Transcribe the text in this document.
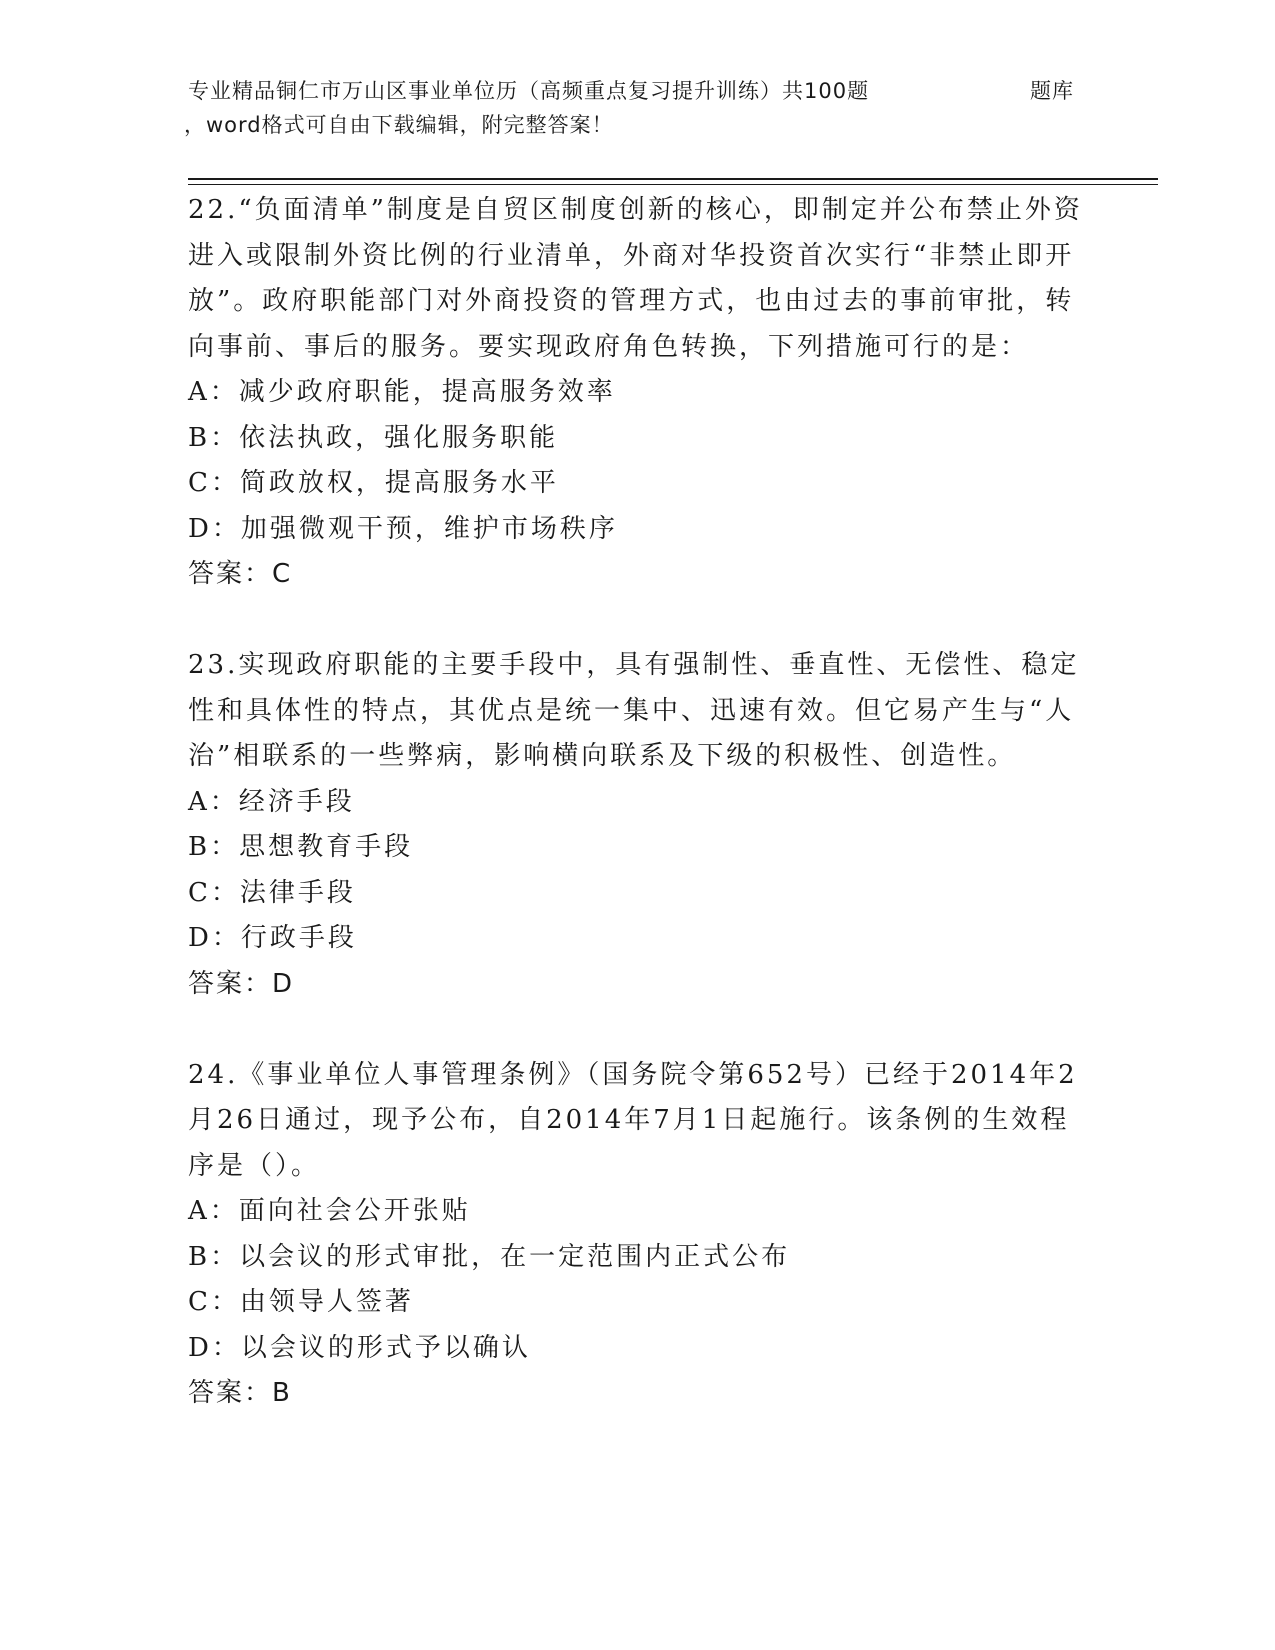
专业精品铜仁市万山区事业单位历（高频重点复习提升训练）共100题	题库
，word格式可自由下载编辑，附完整答案！

22.“负面清单”制度是自贸区制度创新的核心，即制定并公布禁止外资进入或限制外资比例的行业清单，外商对华投资首次实行“非禁止即开放”。政府职能部门对外商投资的管理方式，也由过去的事前审批，转向事前、事后的服务。要实现政府角色转换，下列措施可行的是：

A：减少政府职能，提高服务效率

B：依法执政，强化服务职能

C：简政放权，提高服务水平

D：加强微观干预，维护市场秩序

答案：C

23.实现政府职能的主要手段中，具有强制性、垂直性、无偿性、稳定性和具体性的特点，其优点是统一集中、迅速有效。但它易产生与“人治”相联系的一些弊病，影响横向联系及下级的积极性、创造性。

A：经济手段

B：思想教育手段

C：法律手段

D：行政手段

答案：D

24.《事业单位人事管理条例》（国务院令第652号）已经于2014年2月26日通过，现予公布，自2014年7月1日起施行。该条例的生效程序是（）。

A：面向社会公开张贴

B：以会议的形式审批，在一定范围内正式公布

C：由领导人签著

D：以会议的形式予以确认

答案：B
